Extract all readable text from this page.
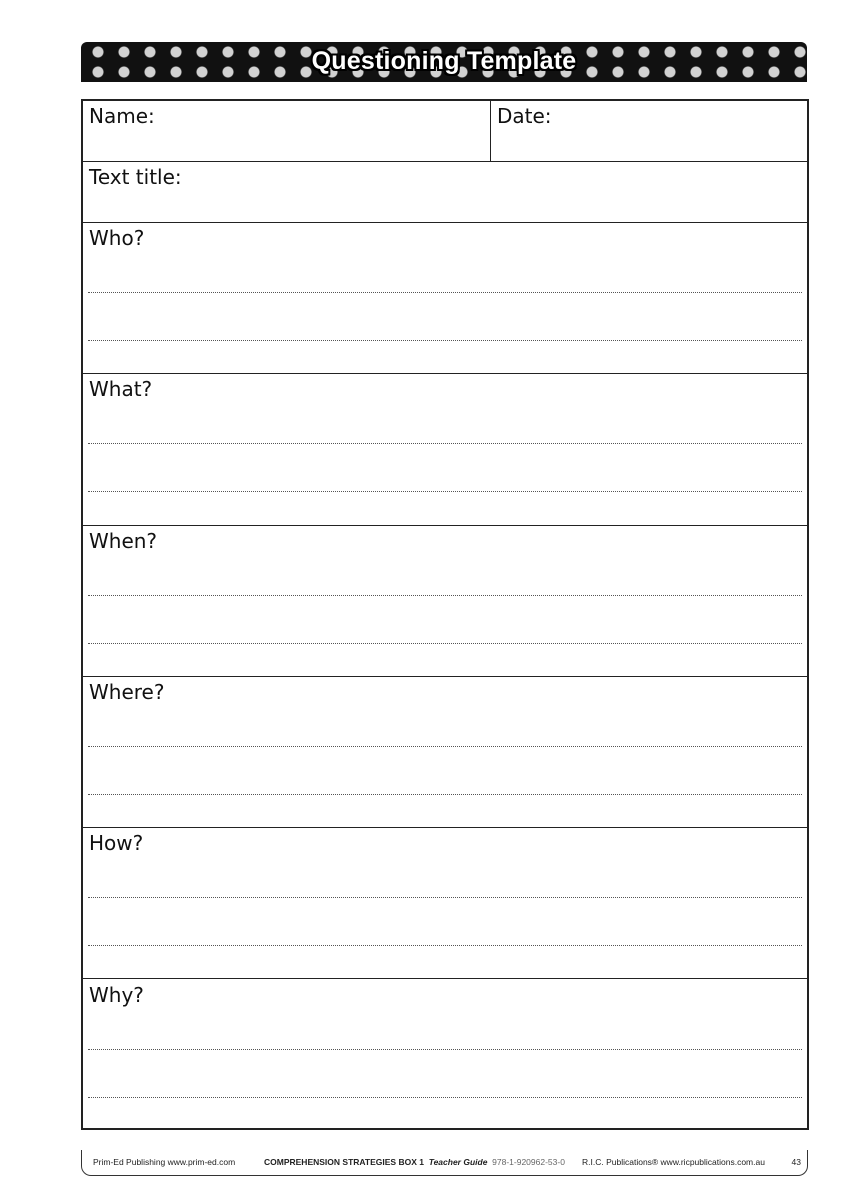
Questioning Template
Name:	Date:
Text title:
Who?
What?
When?
Where?
How?
Why?
Prim-Ed Publishing www.prim-ed.com	COMPREHENSION STRATEGIES BOX 1 Teacher Guide 978-1-920962-53-0 R.I.C. Publications® www.ricpublications.com.au	43
